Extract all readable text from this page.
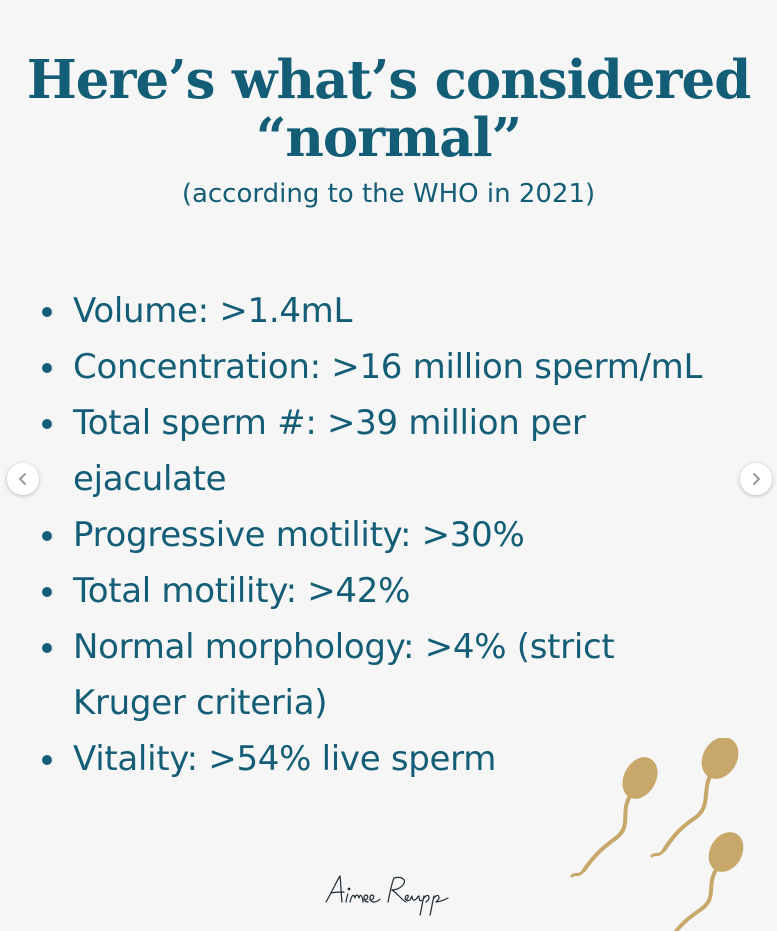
Here’s what’s considered
“normal”
(according to the WHO in 2021)
Volume: >1.4mL
Concentration: >16 million sperm/mL
Total sperm #: >39 million per
ejaculate
Progressive motility: >30%
Total motility: >42%
Normal morphology: >4% (strict
Kruger criteria)
Vitality: >54% live sperm
